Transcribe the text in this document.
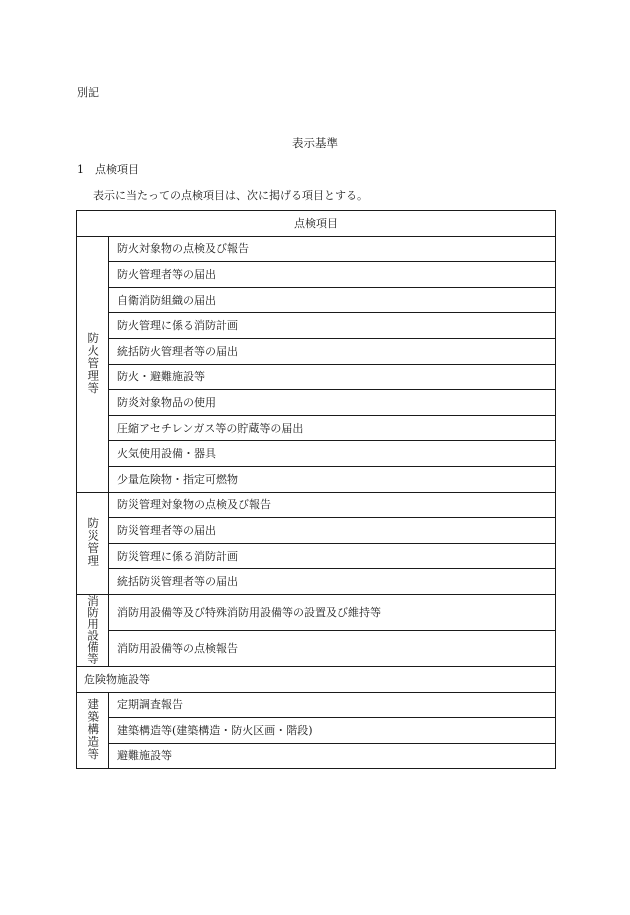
別記
表示基準
1 点検項目
表示に当たっての点検項目は、次に掲げる項目とする。
点検項目	
防火管理等	防火対象物の点検及び報告
	防火管理者等の届出
	自衛消防組織の届出
	防火管理に係る消防計画
	統括防火管理者等の届出
	防火・避難施設等
	防炎対象物品の使用
	圧縮アセチレンガス等の貯蔵等の届出
	火気使用設備・器具
	少量危険物・指定可燃物
防災管理	防災管理対象物の点検及び報告
	防災管理者等の届出
	防災管理に係る消防計画
	統括防災管理者等の届出
消防用設備等	消防用設備等及び特殊消防用設備等の設置及び維持等
	消防用設備等の点検報告
危険物施設等	
建築構造等	定期調査報告
	建築構造等(建築構造・防火区画・階段)
	避難施設等
